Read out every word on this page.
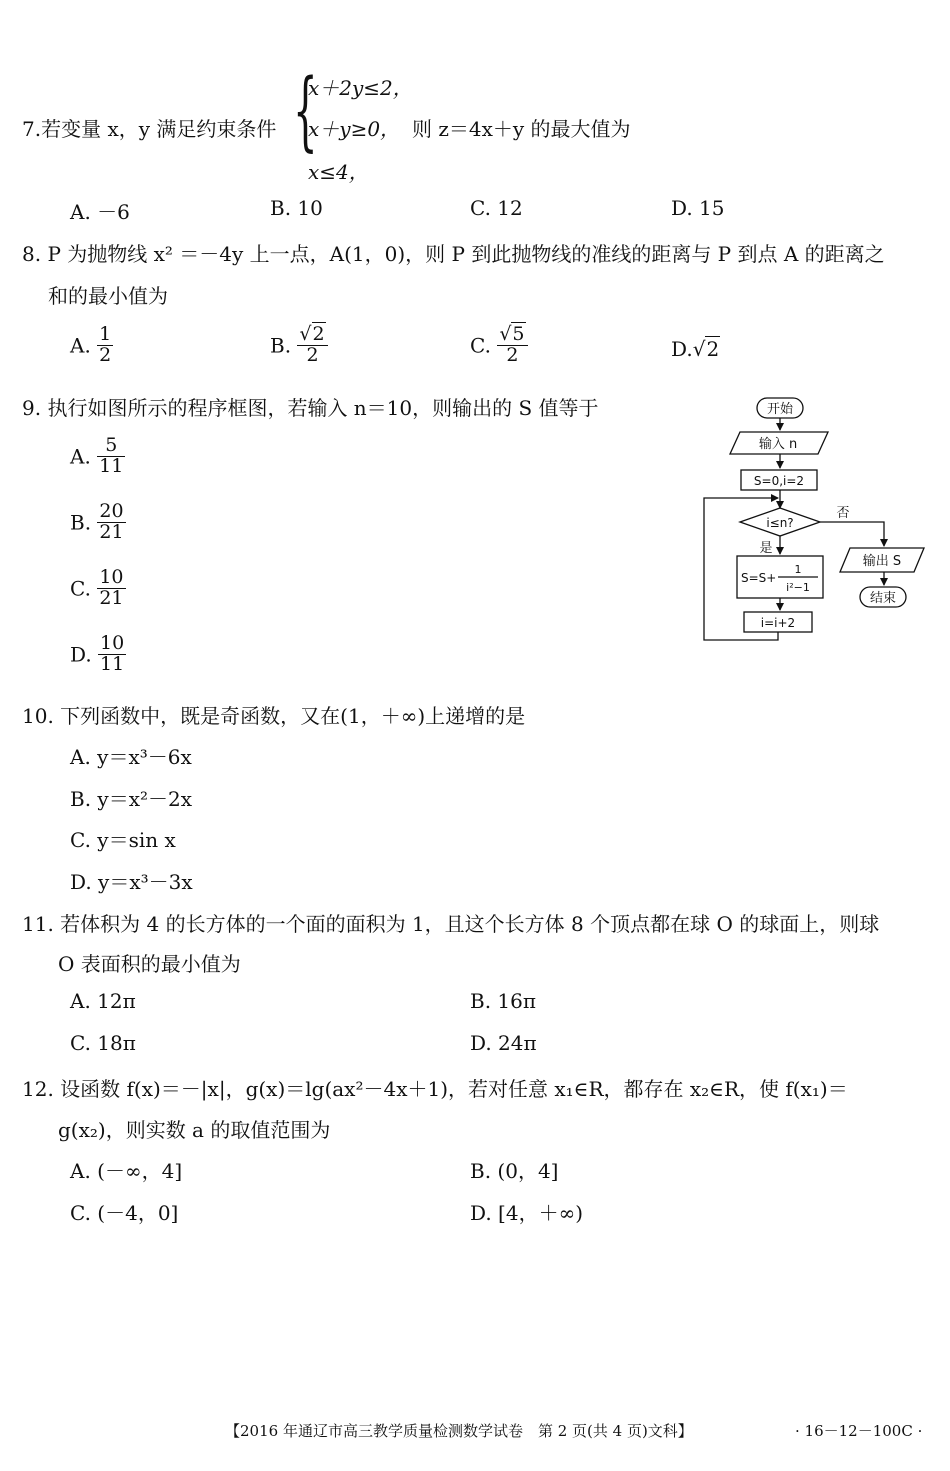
7.若变量 x，y 满足约束条件 {
x＋2y≤2，
x＋y≥0， 则 z＝4x＋y 的最大值为
x≤4，
A. －6	B. 10	C. 12	D. 15
8. P 为抛物线 x² ＝－4y 上一点，A(1，0)，则 P 到此抛物线的准线的距离与 P 到点 A 的距离之
和的最小值为
A. $\frac{1}{2}$	B. $\frac{√2}{2}$	C. $\frac{√5}{2}$	D.√2
9. 执行如图所示的程序框图，若输入 n＝10，则输出的 S 值等于
A. $\frac{5}{11}$
B. $\frac{20}{21}$
C. $\frac{10}{21}$
D. $\frac{10}{11}$
开始
输入 n
S=0,i=2
i≤n?
否
是
S=S+
1
i²−1
输出 S
结束
i=i+2
10. 下列函数中，既是奇函数，又在(1，＋∞)上递增的是
A. y＝x³－6x
B. y＝x²－2x
C. y＝sin x
D. y＝x³－3x
11. 若体积为 4 的长方体的一个面的面积为 1，且这个长方体 8 个顶点都在球 O 的球面上，则球
O 表面积的最小值为
A. 12π	B. 16π
C. 18π	D. 24π
12. 设函数 f(x)＝－|x|，g(x)＝lg(ax²－4x＋1)，若对任意 x₁∈R，都存在 x₂∈R，使 f(x₁)＝
g(x₂)，则实数 a 的取值范围为
A. (－∞，4]	B. (0，4]
C. (－4，0]	D. [4，＋∞)
【2016 年通辽市高三教学质量检测数学试卷　第 2 页(共 4 页)文科】	· 16－12－100C ·
